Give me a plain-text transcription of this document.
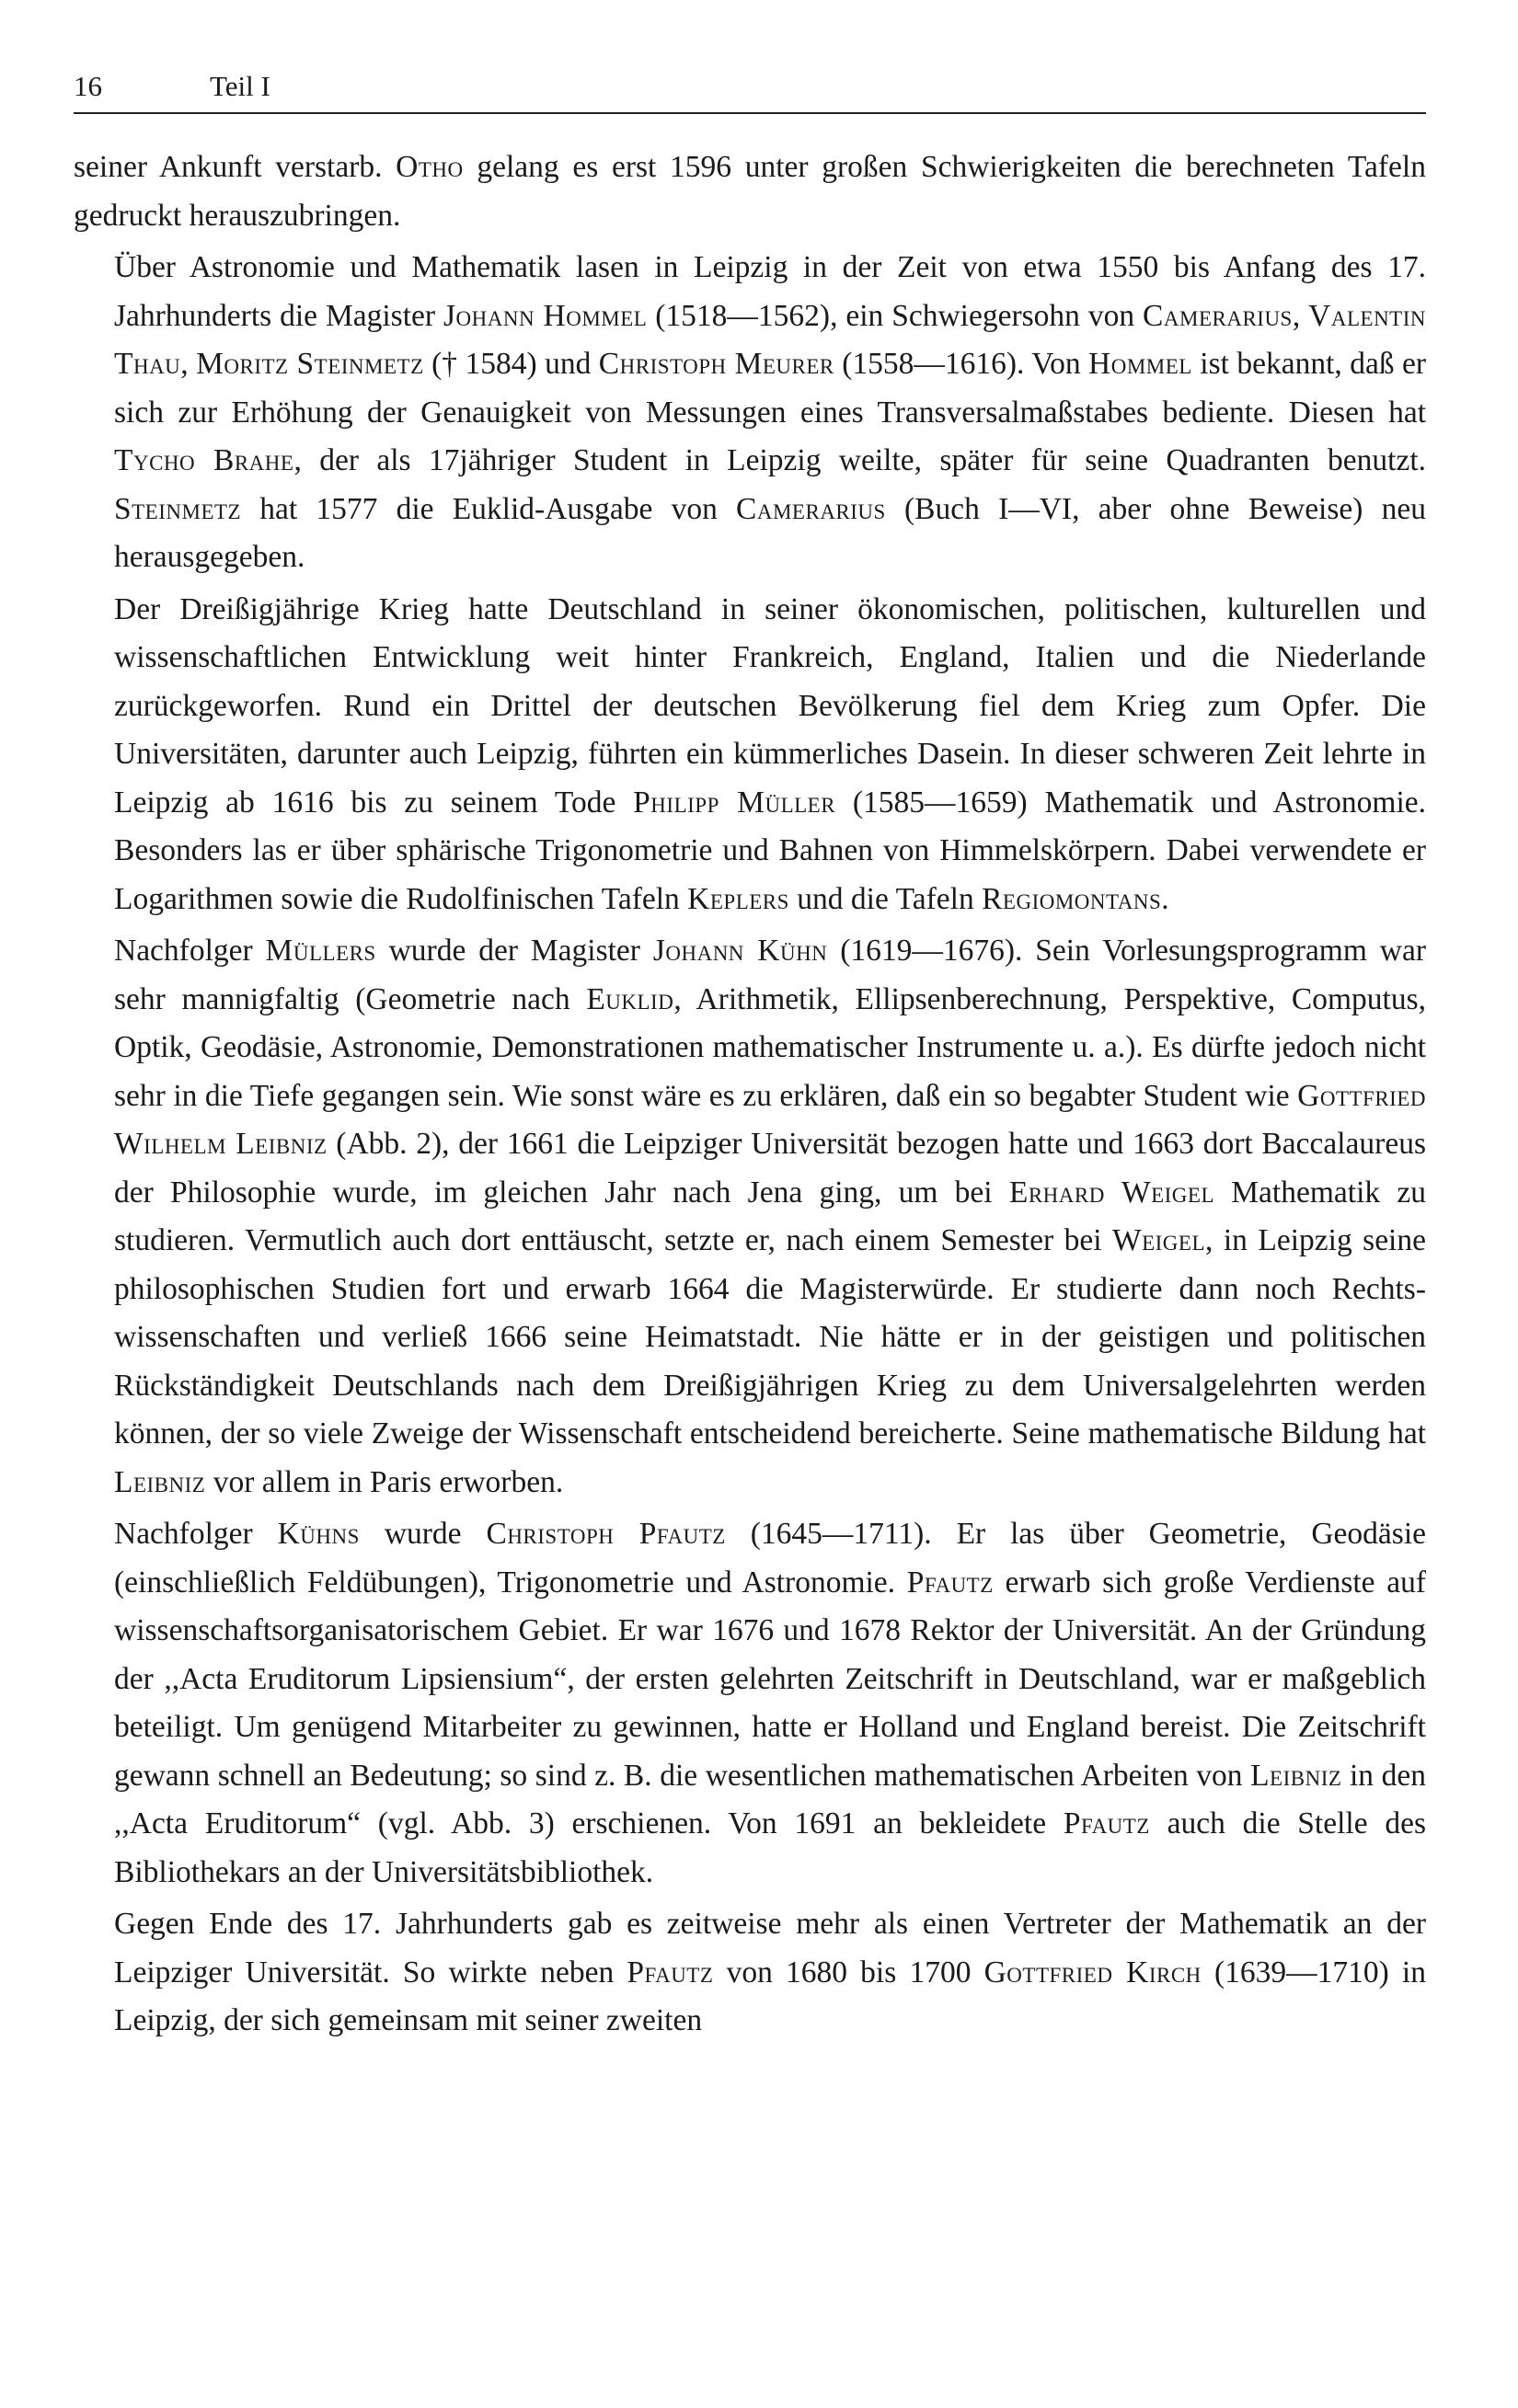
16	Teil I

seiner Ankunft verstarb. Otho gelang es erst 1596 unter großen Schwierigkeiten die berechneten Tafeln gedruckt herauszubringen.

Über Astronomie und Mathematik lasen in Leipzig in der Zeit von etwa 1550 bis Anfang des 17. Jahrhunderts die Magister Johann Hommel (1518—1562), ein Schwiegersohn von Camerarius, Valentin Thau, Moritz Steinmetz († 1584) und Christoph Meurer (1558—1616). Von Hommel ist bekannt, daß er sich zur Erhöhung der Genauigkeit von Messungen eines Transversalmaßstabes bediente. Diesen hat Tycho Brahe, der als 17jähriger Student in Leipzig weilte, später für seine Quadranten benutzt. Steinmetz hat 1577 die Euklid-Ausgabe von Camerarius (Buch I—VI, aber ohne Beweise) neu herausgegeben.

Der Dreißigjährige Krieg hatte Deutschland in seiner ökonomischen, politischen, kulturellen und wissenschaftlichen Entwicklung weit hinter Frankreich, England, Italien und die Niederlande zurückgeworfen. Rund ein Drittel der deutschen Bevölkerung fiel dem Krieg zum Opfer. Die Universitäten, darunter auch Leipzig, führten ein kümmerliches Dasein. In dieser schweren Zeit lehrte in Leipzig ab 1616 bis zu seinem Tode Philipp Müller (1585—1659) Mathematik und Astronomie. Besonders las er über sphärische Trigonometrie und Bahnen von Himmelskörpern. Dabei verwendete er Logarithmen sowie die Rudolfinischen Tafeln Keplers und die Tafeln Regiomontans.

Nachfolger Müllers wurde der Magister Johann Kühn (1619—1676). Sein Vorlesungsprogramm war sehr mannigfaltig (Geometrie nach Euklid, Arithmetik, Ellipsenberechnung, Perspektive, Computus, Optik, Geodäsie, Astronomie, Demonstrationen mathematischer Instrumente u. a.). Es dürfte jedoch nicht sehr in die Tiefe gegangen sein. Wie sonst wäre es zu erklären, daß ein so begabter Student wie Gottfried Wilhelm Leibniz (Abb. 2), der 1661 die Leipziger Universität bezogen hatte und 1663 dort Baccalaureus der Philosophie wurde, im gleichen Jahr nach Jena ging, um bei Erhard Weigel Mathematik zu studieren. Vermutlich auch dort enttäuscht, setzte er, nach einem Semester bei Weigel, in Leipzig seine philosophischen Studien fort und erwarb 1664 die Magisterwürde. Er studierte dann noch Rechtswissenschaften und verließ 1666 seine Heimatstadt. Nie hätte er in der geistigen und politischen Rückständigkeit Deutschlands nach dem Dreißigjährigen Krieg zu dem Universalgelehrten werden können, der so viele Zweige der Wissenschaft entscheidend bereicherte. Seine mathematische Bildung hat Leibniz vor allem in Paris erworben.

Nachfolger Kühns wurde Christoph Pfautz (1645—1711). Er las über Geometrie, Geodäsie (einschließlich Feldübungen), Trigonometrie und Astronomie. Pfautz erwarb sich große Verdienste auf wissenschaftsorganisatorischem Gebiet. Er war 1676 und 1678 Rektor der Universität. An der Gründung der ,,Acta Eruditorum Lipsiensium“, der ersten gelehrten Zeitschrift in Deutschland, war er maßgeblich beteiligt. Um genügend Mitarbeiter zu gewinnen, hatte er Holland und England bereist. Die Zeitschrift gewann schnell an Bedeutung; so sind z. B. die wesentlichen mathematischen Arbeiten von Leibniz in den ,,Acta Eruditorum“ (vgl. Abb. 3) erschienen. Von 1691 an bekleidete Pfautz auch die Stelle des Bibliothekars an der Universitätsbibliothek.

Gegen Ende des 17. Jahrhunderts gab es zeitweise mehr als einen Vertreter der Mathematik an der Leipziger Universität. So wirkte neben Pfautz von 1680 bis 1700 Gottfried Kirch (1639—1710) in Leipzig, der sich gemeinsam mit seiner zweiten
